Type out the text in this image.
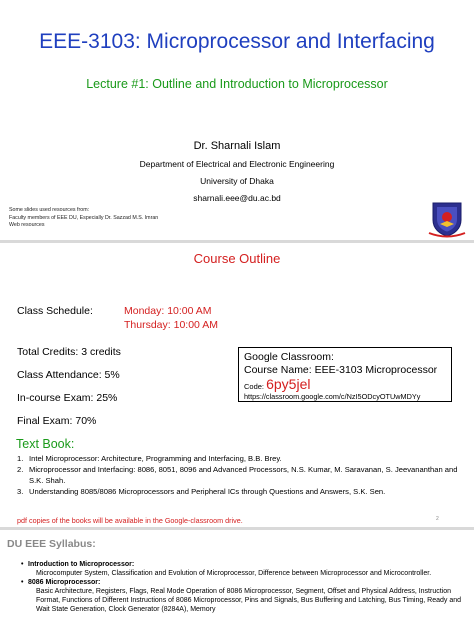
EEE-3103: Microprocessor and Interfacing
Lecture #1: Outline and Introduction to Microprocessor
Dr. Sharnali Islam
Department of Electrical and Electronic Engineering
University of Dhaka
sharnali.eee@du.ac.bd
Some slides used resources from:
Faculty members of EEE DU, Especially Dr. Sazzad M.S. Imran
Web resources
Course Outline
Class Schedule:	Monday: 10:00 AM
Thursday: 10:00 AM
Total Credits: 3 credits
Class Attendance: 5%
In-course Exam: 25%
Final Exam: 70%
Google Classroom:
Course Name: EEE-3103 Microprocessor
Code: 6py5jel
https://classroom.google.com/c/NzI5ODcyOTUwMDYy
Text Book:
1. Intel Microprocessor: Architecture, Programming and Interfacing, B.B. Brey.
2. Microprocessor and Interfacing: 8086, 8051, 8096 and Advanced Processors, N.S. Kumar, M. Saravanan, S. Jeevananthan and S.K. Shah.
3. Understanding 8085/8086 Microprocessors and Peripheral ICs through Questions and Answers, S.K. Sen.
pdf copies of the books will be available in the Google-classroom drive.	2
DU EEE Syllabus:
• Introduction to Microprocessor:
Microcomputer System, Classification and Evolution of Microprocessor, Difference between Microprocessor and Microcontroller.
• 8086 Microprocessor:
Basic Architecture, Registers, Flags, Real Mode Operation of 8086 Microprocessor, Segment, Offset and Physical Address, Instruction Format, Functions of Different Instructions of 8086 Microprocessor, Pins and Signals, Bus Buffering and Latching, Bus Timing, Ready and Wait State Generation, Clock Generator (8284A), Memory
